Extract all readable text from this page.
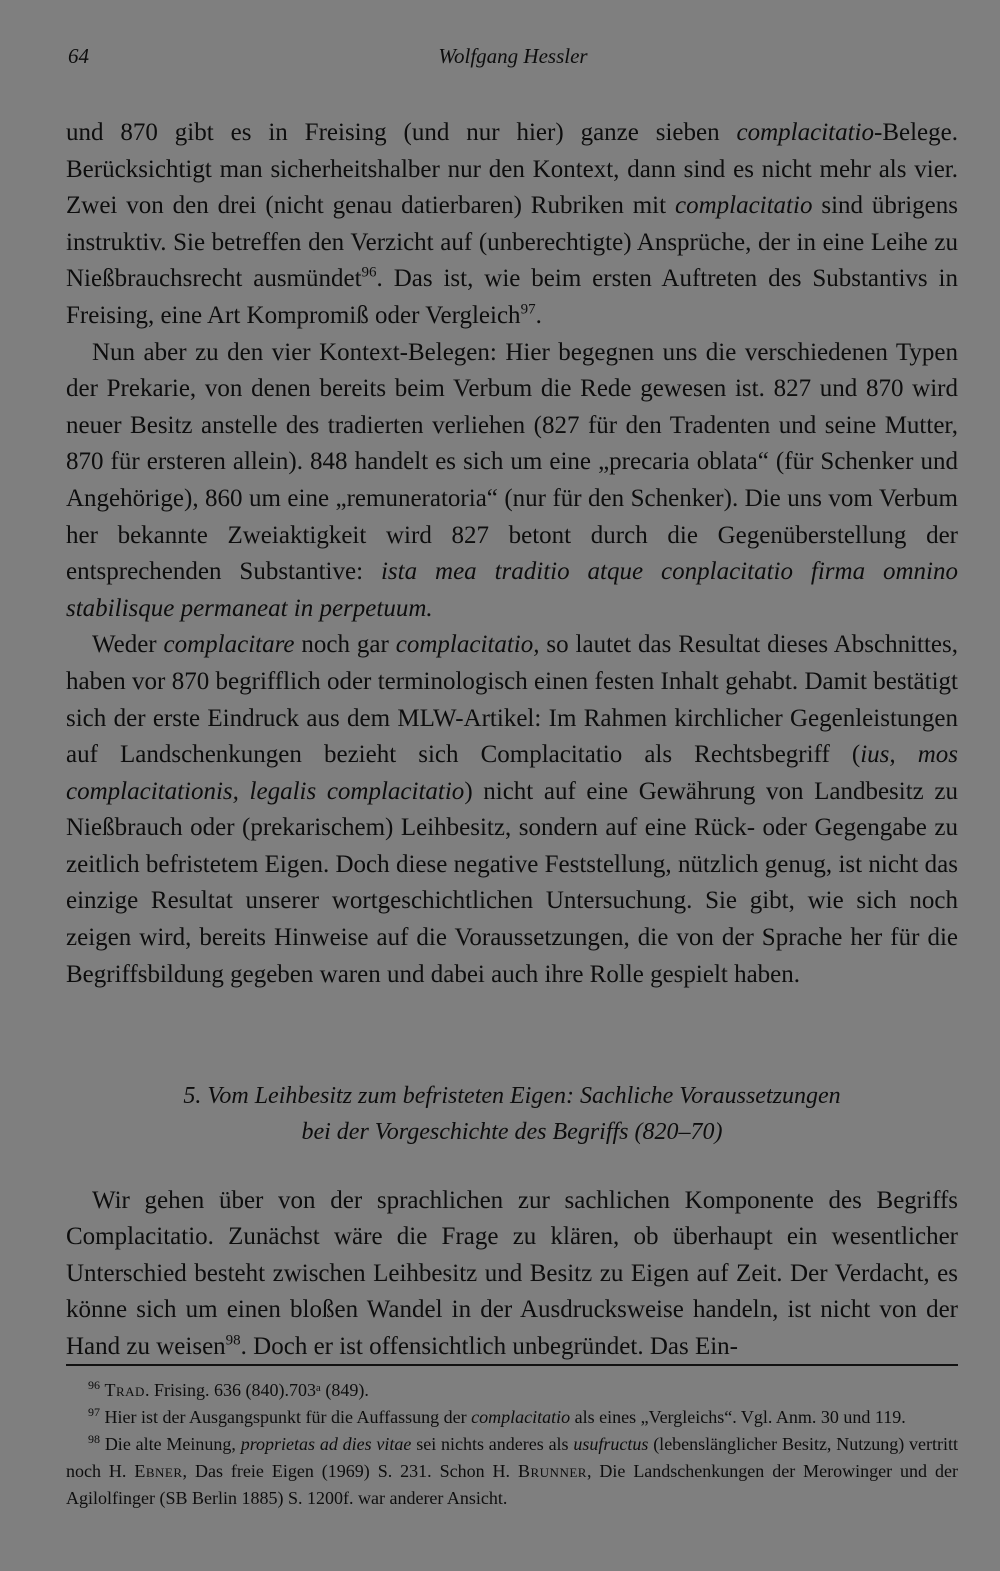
64	Wolfgang Hessler

und 870 gibt es in Freising (und nur hier) ganze sieben complacitatio-Belege. Berücksichtigt man sicherheitshalber nur den Kontext, dann sind es nicht mehr als vier. Zwei von den drei (nicht genau datierbaren) Rubriken mit complacitatio sind übrigens instruktiv. Sie betreffen den Verzicht auf (unberechtigte) Ansprüche, der in eine Leihe zu Nießbrauchsrecht ausmündet$^{96}$. Das ist, wie beim ersten Auftreten des Substantivs in Freising, eine Art Kompromiß oder Vergleich$^{97}$.

Nun aber zu den vier Kontext-Belegen: Hier begegnen uns die verschiedenen Typen der Prekarie, von denen bereits beim Verbum die Rede gewesen ist. 827 und 870 wird neuer Besitz anstelle des tradierten verliehen (827 für den Tradenten und seine Mutter, 870 für ersteren allein). 848 handelt es sich um eine „precaria oblata“ (für Schenker und Angehörige), 860 um eine „remuneratoria“ (nur für den Schenker). Die uns vom Verbum her bekannte Zweiaktigkeit wird 827 betont durch die Gegenüberstellung der entsprechenden Substantive: ista mea traditio atque conplacitatio firma omnino stabilisque permaneat in perpetuum.

Weder complacitare noch gar complacitatio, so lautet das Resultat dieses Abschnittes, haben vor 870 begrifflich oder terminologisch einen festen Inhalt gehabt. Damit bestätigt sich der erste Eindruck aus dem MLW-Artikel: Im Rahmen kirchlicher Gegenleistungen auf Landschenkungen bezieht sich Complacitatio als Rechtsbegriff (ius, mos complacitationis, legalis complacitatio) nicht auf eine Gewährung von Landbesitz zu Nießbrauch oder (prekarischem) Leihbesitz, sondern auf eine Rück- oder Gegengabe zu zeitlich befristetem Eigen. Doch diese negative Feststellung, nützlich genug, ist nicht das einzige Resultat unserer wortgeschichtlichen Untersuchung. Sie gibt, wie sich noch zeigen wird, bereits Hinweise auf die Voraussetzungen, die von der Sprache her für die Begriffsbildung gegeben waren und dabei auch ihre Rolle gespielt haben.

5. Vom Leihbesitz zum befristeten Eigen: Sachliche Voraussetzungen
bei der Vorgeschichte des Begriffs (820–70)

Wir gehen über von der sprachlichen zur sachlichen Komponente des Begriffs Complacitatio. Zunächst wäre die Frage zu klären, ob überhaupt ein wesentlicher Unterschied besteht zwischen Leihbesitz und Besitz zu Eigen auf Zeit. Der Verdacht, es könne sich um einen bloßen Wandel in der Ausdrucksweise handeln, ist nicht von der Hand zu weisen$^{98}$. Doch er ist offensichtlich unbegründet. Das Ein-

$^{96}$ Trad. Frising. 636 (840).703ᵃ (849).

$^{97}$ Hier ist der Ausgangspunkt für die Auffassung der complacitatio als eines „Vergleichs“. Vgl. Anm. 30 und 119.

$^{98}$ Die alte Meinung, proprietas ad dies vitae sei nichts anderes als usufructus (lebenslänglicher Besitz, Nutzung) vertritt noch H. Ebner, Das freie Eigen (1969) S. 231. Schon H. Brunner, Die Landschenkungen der Merowinger und der Agilolfinger (SB Berlin 1885) S. 1200f. war anderer Ansicht.
